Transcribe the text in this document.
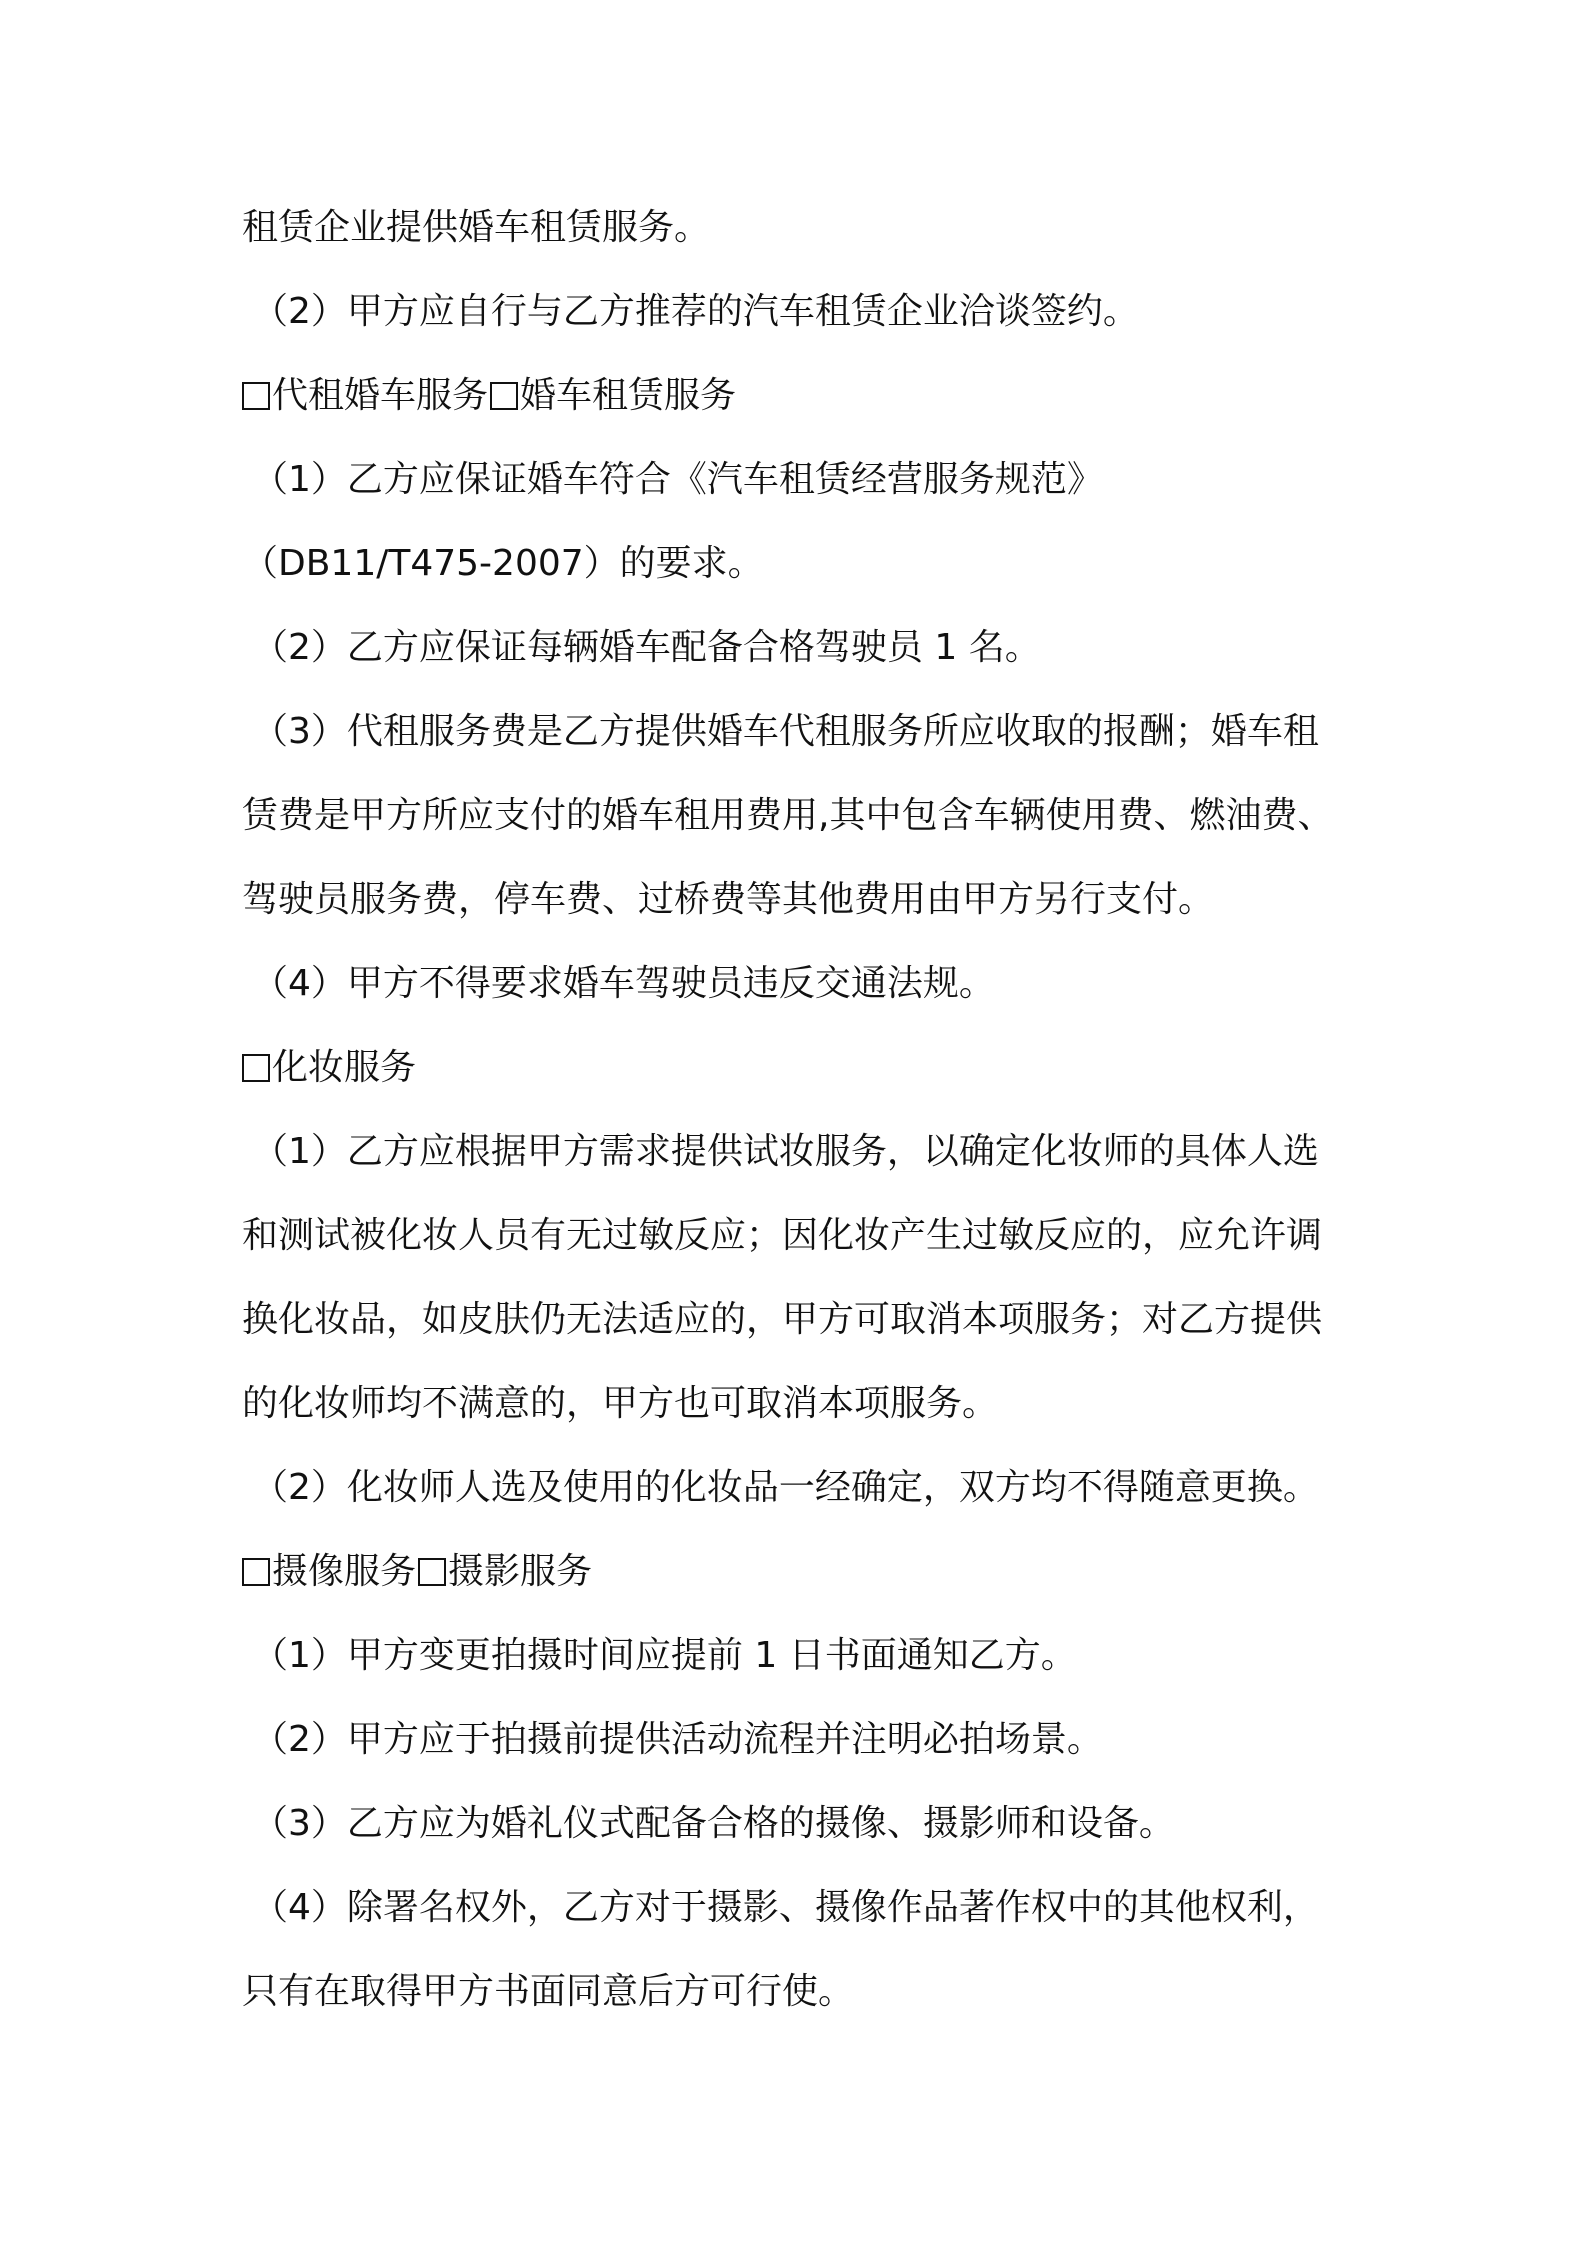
租赁企业提供婚车租赁服务。
（2）甲方应自行与乙方推荐的汽车租赁企业洽谈签约。
代租婚车服务 婚车租赁服务
（1）乙方应保证婚车符合《汽车租赁经营服务规范》
（DB11/T475-2007）的要求。
（2）乙方应保证每辆婚车配备合格驾驶员 1 名。
（3）代租服务费是乙方提供婚车代租服务所应收取的报酬；婚车租
赁费是甲方所应支付的婚车租用费用,其中包含车辆使用费、燃油费、
驾驶员服务费，停车费、过桥费等其他费用由甲方另行支付。
（4）甲方不得要求婚车驾驶员违反交通法规。
化妆服务
（1）乙方应根据甲方需求提供试妆服务，以确定化妆师的具体人选
和测试被化妆人员有无过敏反应；因化妆产生过敏反应的，应允许调
换化妆品，如皮肤仍无法适应的，甲方可取消本项服务；对乙方提供
的化妆师均不满意的，甲方也可取消本项服务。
（2）化妆师人选及使用的化妆品一经确定，双方均不得随意更换。
摄像服务 摄影服务
（1）甲方变更拍摄时间应提前 1 日书面通知乙方。
（2）甲方应于拍摄前提供活动流程并注明必拍场景。
（3）乙方应为婚礼仪式配备合格的摄像、摄影师和设备。
（4）除署名权外，乙方对于摄影、摄像作品著作权中的其他权利，
只有在取得甲方书面同意后方可行使。
